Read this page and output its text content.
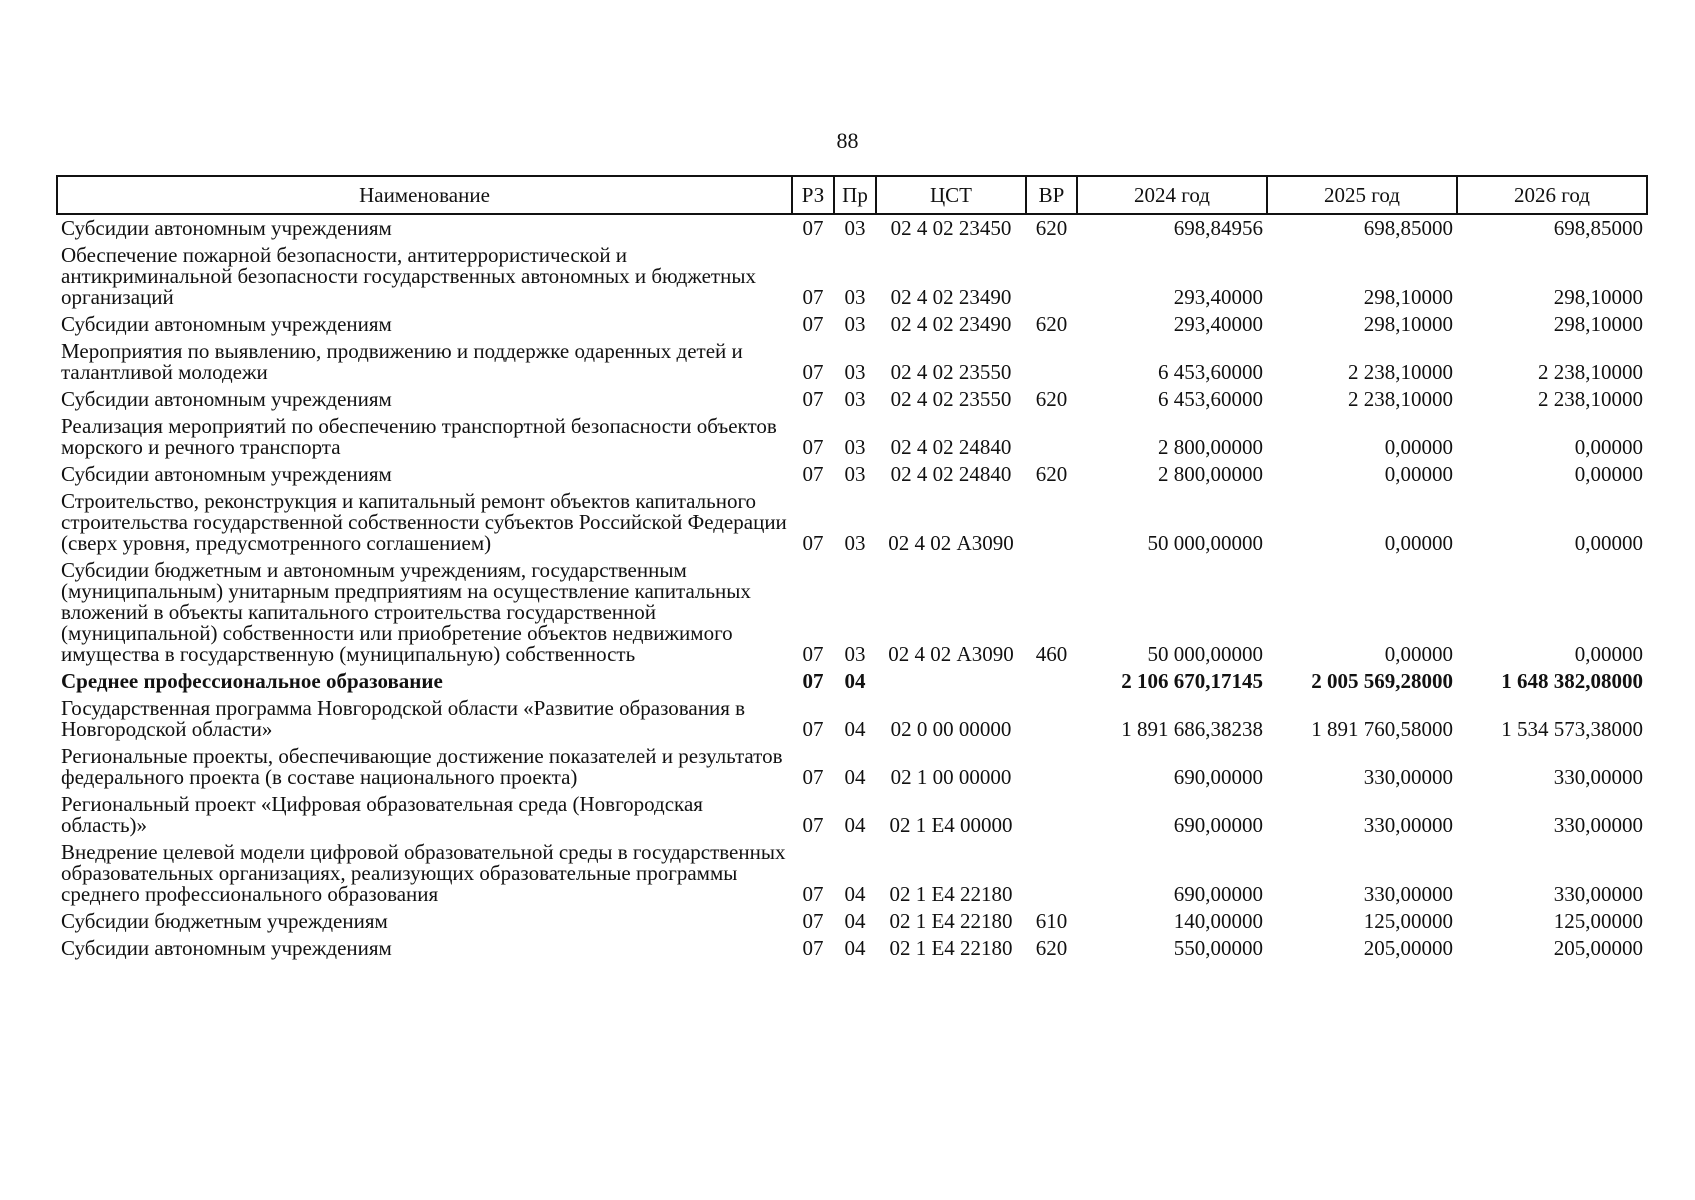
88
Наименование	РЗ	Пр	ЦСТ	ВР	2024 год	2025 год	2026 год
Субсидии автономным учреждениям	07	03	02 4 02 23450	620	698,84956	698,85000	698,85000
Обеспечение пожарной безопасности, антитеррористической и антикриминальной безопасности государственных автономных и бюджетных организаций	07	03	02 4 02 23490		293,40000	298,10000	298,10000
Субсидии автономным учреждениям	07	03	02 4 02 23490	620	293,40000	298,10000	298,10000
Мероприятия по выявлению, продвижению и поддержке одаренных детей и талантливой молодежи	07	03	02 4 02 23550		6 453,60000	2 238,10000	2 238,10000
Субсидии автономным учреждениям	07	03	02 4 02 23550	620	6 453,60000	2 238,10000	2 238,10000
Реализация мероприятий по обеспечению транспортной безопасности объектов морского и речного транспорта	07	03	02 4 02 24840		2 800,00000	0,00000	0,00000
Субсидии автономным учреждениям	07	03	02 4 02 24840	620	2 800,00000	0,00000	0,00000
Строительство, реконструкция и капитальный ремонт объектов капитального строительства государственной собственности субъектов Российской Федерации (сверх уровня, предусмотренного соглашением)	07	03	02 4 02 А3090		50 000,00000	0,00000	0,00000
Субсидии бюджетным и автономным учреждениям, государственным (муниципальным) унитарным предприятиям на осуществление капитальных вложений в объекты капитального строительства государственной (муниципальной) собственности или приобретение объектов недвижимого имущества в государственную (муниципальную) собственность	07	03	02 4 02 А3090	460	50 000,00000	0,00000	0,00000
Среднее профессиональное образование	07	04			2 106 670,17145	2 005 569,28000	1 648 382,08000
Государственная программа Новгородской области «Развитие образования в Новгородской области»	07	04	02 0 00 00000		1 891 686,38238	1 891 760,58000	1 534 573,38000
Региональные проекты, обеспечивающие достижение показателей и результатов федерального проекта (в составе национального проекта)	07	04	02 1 00 00000		690,00000	330,00000	330,00000
Региональный проект «Цифровая образовательная среда (Новгородская область)»	07	04	02 1 Е4 00000		690,00000	330,00000	330,00000
Внедрение целевой модели цифровой образовательной среды в государственных образовательных организациях, реализующих образовательные программы среднего профессионального образования	07	04	02 1 Е4 22180		690,00000	330,00000	330,00000
Субсидии бюджетным учреждениям	07	04	02 1 Е4 22180	610	140,00000	125,00000	125,00000
Субсидии автономным учреждениям	07	04	02 1 Е4 22180	620	550,00000	205,00000	205,00000
